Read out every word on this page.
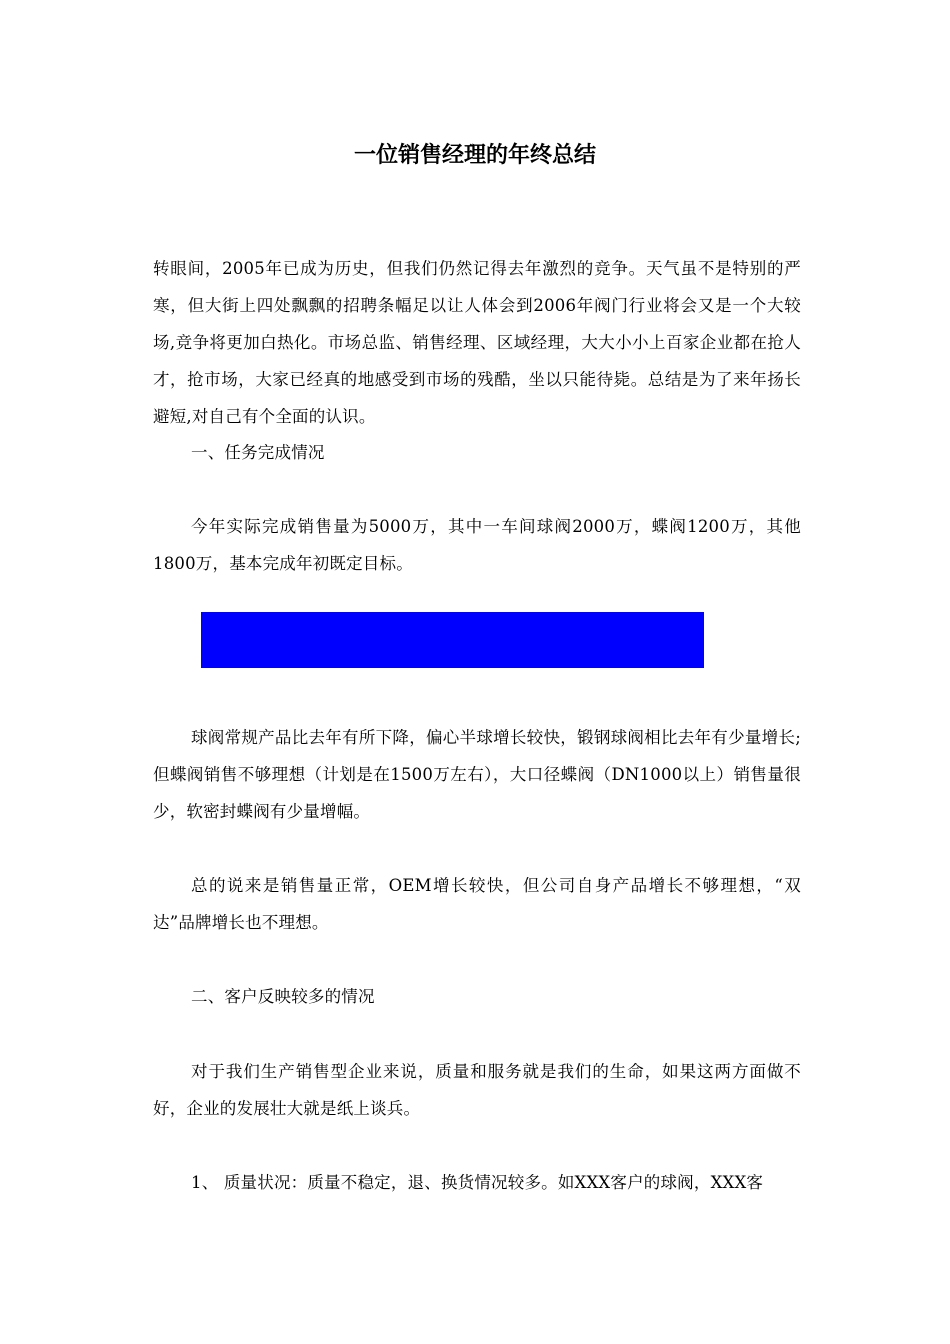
一位销售经理的年终总结

转眼间，2005年已成为历史，但我们仍然记得去年激烈的竞争。天气虽不是特别的严寒，但大街上四处飘飘的招聘条幅足以让人体会到2006年阀门行业将会又是一个大较场,竞争将更加白热化。市场总监、销售经理、区域经理，大大小小上百家企业都在抢人才，抢市场，大家已经真的地感受到市场的残酷，坐以只能待毙。总结是为了来年扬长避短,对自己有个全面的认识。

一、任务完成情况

今年实际完成销售量为5000万，其中一车间球阀2000万，蝶阀1200万，其他1800万，基本完成年初既定目标。

球阀常规产品比去年有所下降，偏心半球增长较快，锻钢球阀相比去年有少量增长;但蝶阀销售不够理想（计划是在1500万左右），大口径蝶阀（DN1000以上）销售量很少，软密封蝶阀有少量增幅。

总的说来是销售量正常，OEM增长较快，但公司自身产品增长不够理想，“双达”品牌增长也不理想。

二、客户反映较多的情况

对于我们生产销售型企业来说，质量和服务就是我们的生命，如果这两方面做不好，企业的发展壮大就是纸上谈兵。

1、 质量状况：质量不稳定，退、换货情况较多。如XXX客户的球阀，XXX客
